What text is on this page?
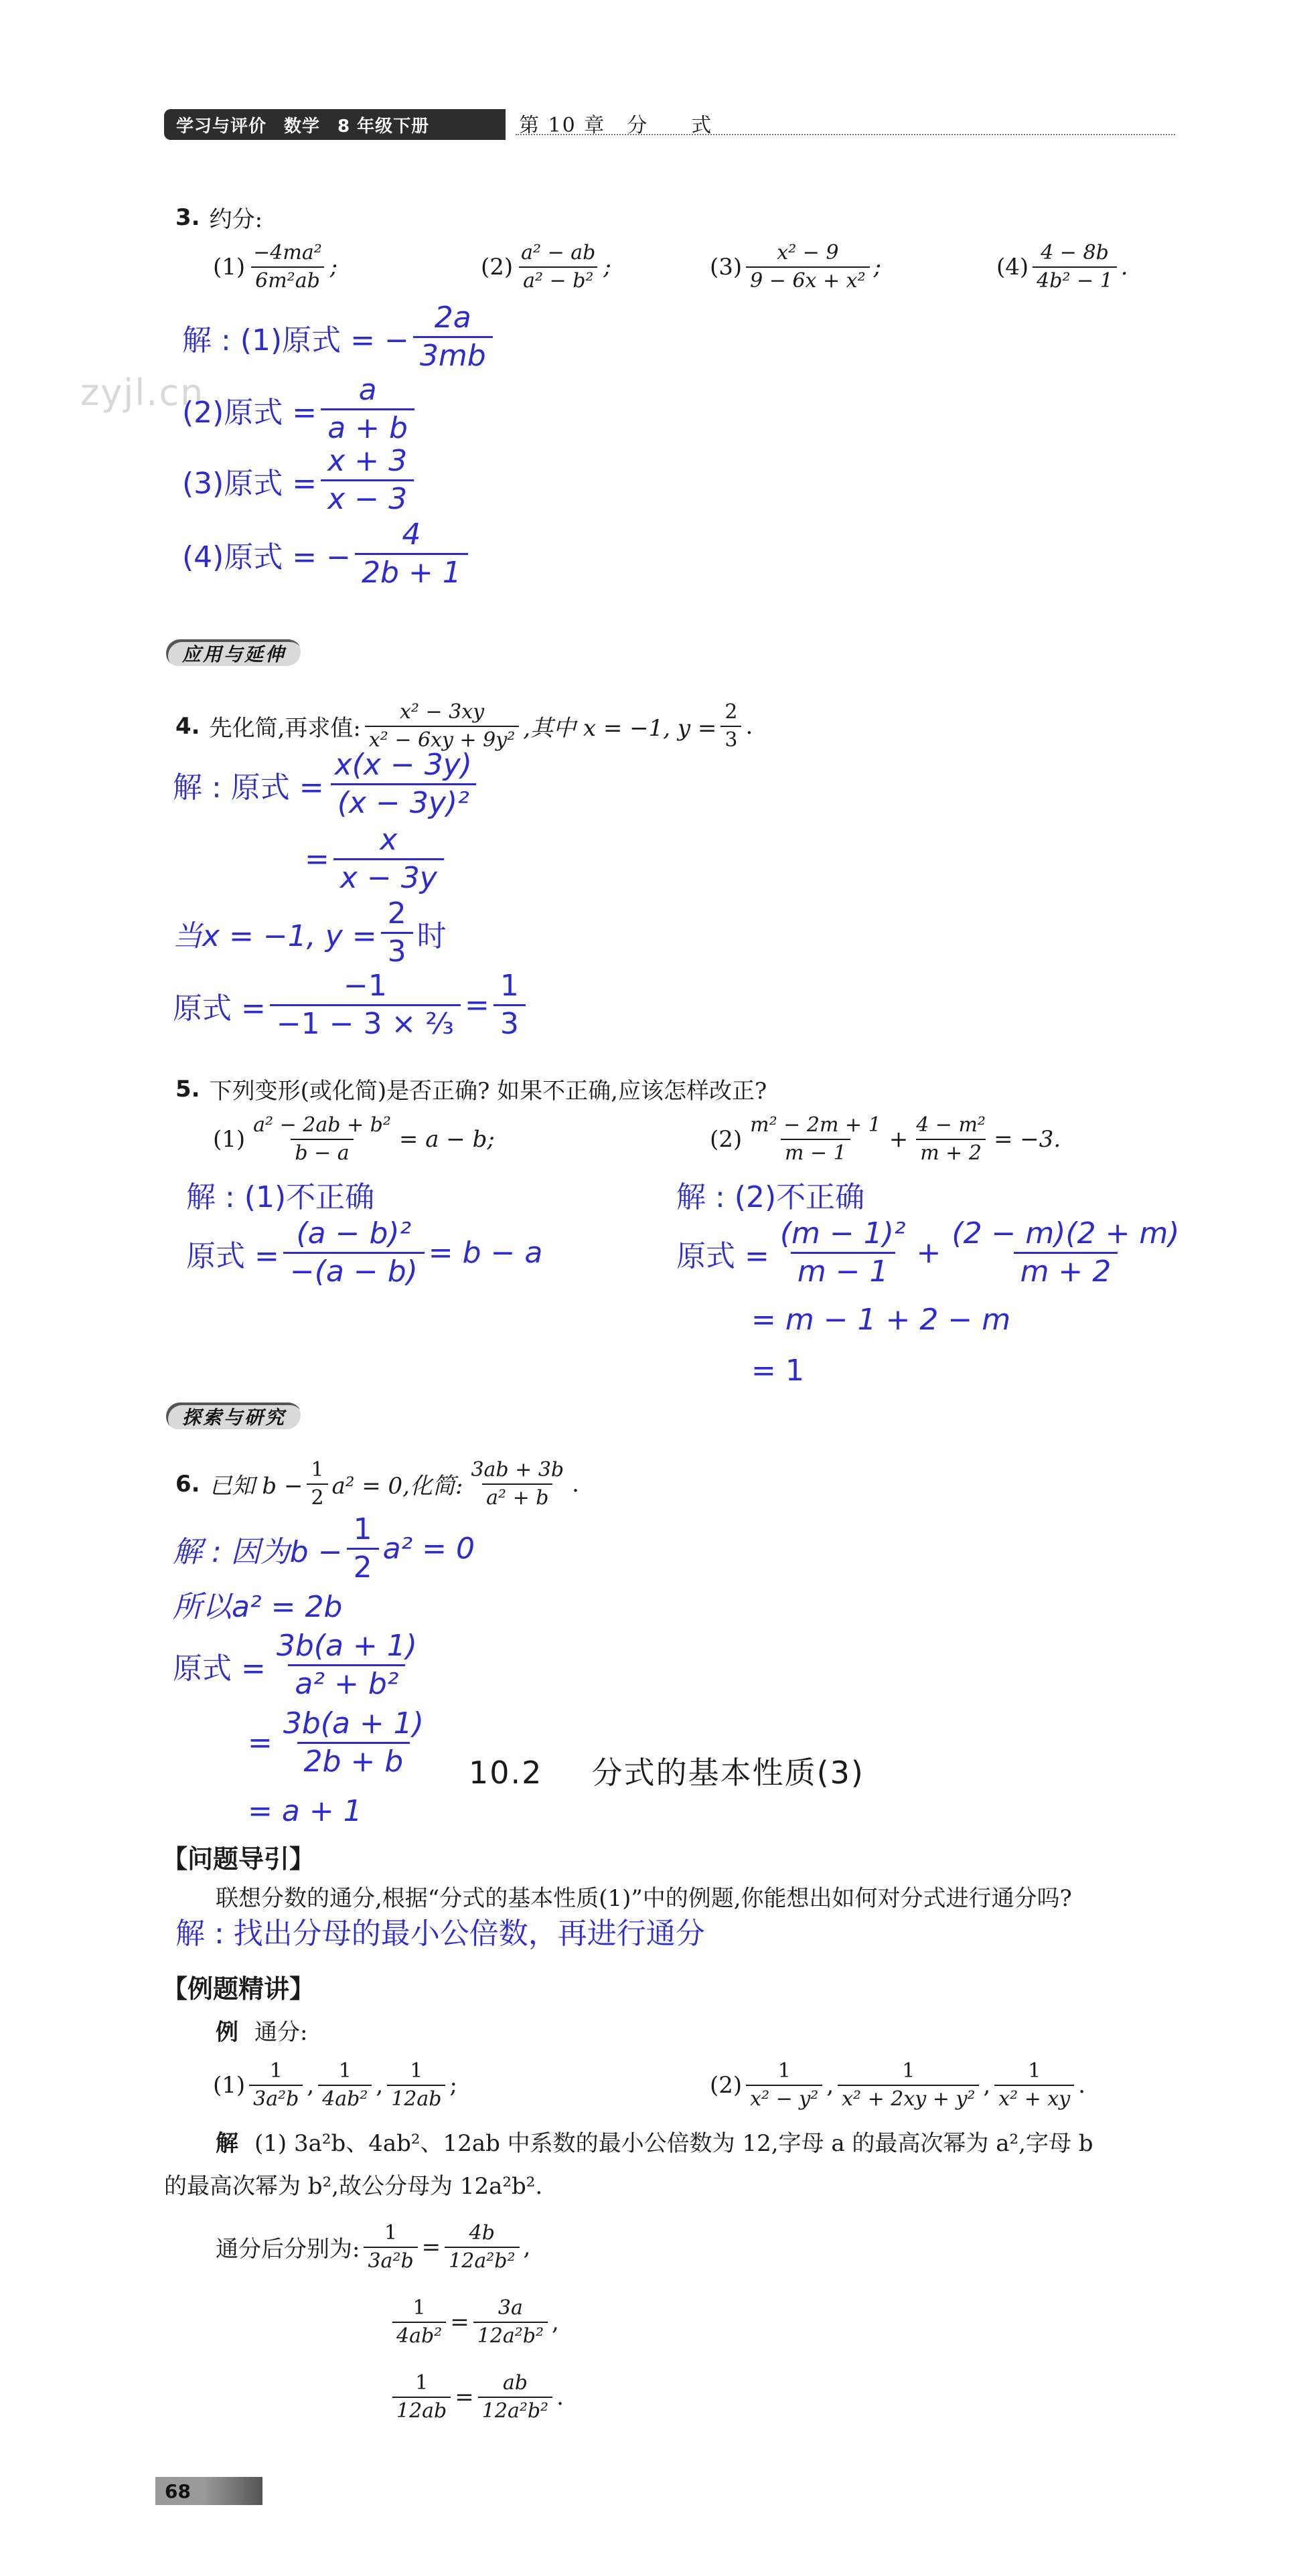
学习与评价 数学 8 年级下册	第 10 章　分　　式
zyjl.cn
3. 约分:
$(1) \frac{\text{−4ma²}}{\text{6m²ab}}$ ;	$(2) \frac{\text{a² − ab}}{\text{a² − b²}}$ ;	$(3) \frac{\text{x² − 9}}{\text{9 − 6x + x²}}$ ;	$(4) \frac{4 - 8b}{\text{4b² − 1}}$ .
解 : (1)原式 = − $\frac{2a}{3mb}$
(2)原式 = $\frac{a}{a + b}$
(3)原式 = $\frac{x + 3}{x - 3}$
(4)原式 = − $\frac{4}{2b + 1}$
应用与延伸
4. 先化简,再求值: $\frac{\text{x² − 3xy}}{\text{x² − 6xy + 9y²}}$ ,其中 x = −1, $y = \frac{2}{3}$ .
解 : 原式 = $\frac{x(x - 3y)}{\text{(x − 3y)²}}$
= $\frac{x}{x - 3y}$
当x = −1, $y = \frac{2}{3}$ 时
原式 = $\frac{-1}{\text{−1 − 3 × ⅔}} = \frac{1}{3}$
5. 下列变形(或化简)是否正确? 如果不正确,应该怎样改正?
$(1) \frac{\text{a² − 2ab + b²}}{b - a} = a - b$;	$(2) \frac{\text{m² − 2m + 1}}{m - 1} + \frac{\text{4 − m²}}{m + 2} = -3$.
解 : (1)不正确
原式 = $\frac{\text{(a − b)²}}{-(a - b)} = b - a$
解 : (2)不正确
原式 = $\frac{\text{(m − 1)²}}{m - 1} + \frac{(2 - m)(2 + m)}{m + 2}$
= m − 1 + 2 − m
= 1
探索与研究
6. 已知 $b - \frac{1}{2} a^2 = 0$,化简: $\frac{3ab + 3b}{\text{a² + b}}$ .
解 : 因为$b - \frac{1}{2} a^2 = 0$
所以a² = 2b
原式 = $\frac{3b(a + 1)}{\text{a² + b²}}$
= $\frac{3b(a + 1)}{2b + b}$
= a + 1
10.2 分式的基本性质(3)
【问题导引】
联想分数的通分,根据“分式的基本性质(1)”中的例题,你能想出如何对分式进行通分吗?
解 : 找出分母的最小公倍数，再进行通分
【例题精讲】
例 通分:
$(1) \frac{1}{\text{3a²b}}$ , $\frac{1}{\text{4ab²}}$ , $\frac{1}{12ab}$ ;	$(2) \frac{1}{\text{x² − y²}}$ , $\frac{1}{\text{x² + 2xy + y²}}$ , $\frac{1}{\text{x² + xy}}$ .
解 (1) 3a²b、4ab²、12ab 中系数的最小公倍数为 12,字母 a 的最高次幂为 a²,字母 b
的最高次幂为 b²,故公分母为 12a²b².
通分后分别为: $\frac{1}{\text{3a²b}} = \frac{4b}{\text{12a²b²}}$ ,
$\frac{1}{\text{4ab²}} = \frac{3a}{\text{12a²b²}}$ ,
$\frac{1}{12ab} = \frac{ab}{\text{12a²b²}}$ .
68
